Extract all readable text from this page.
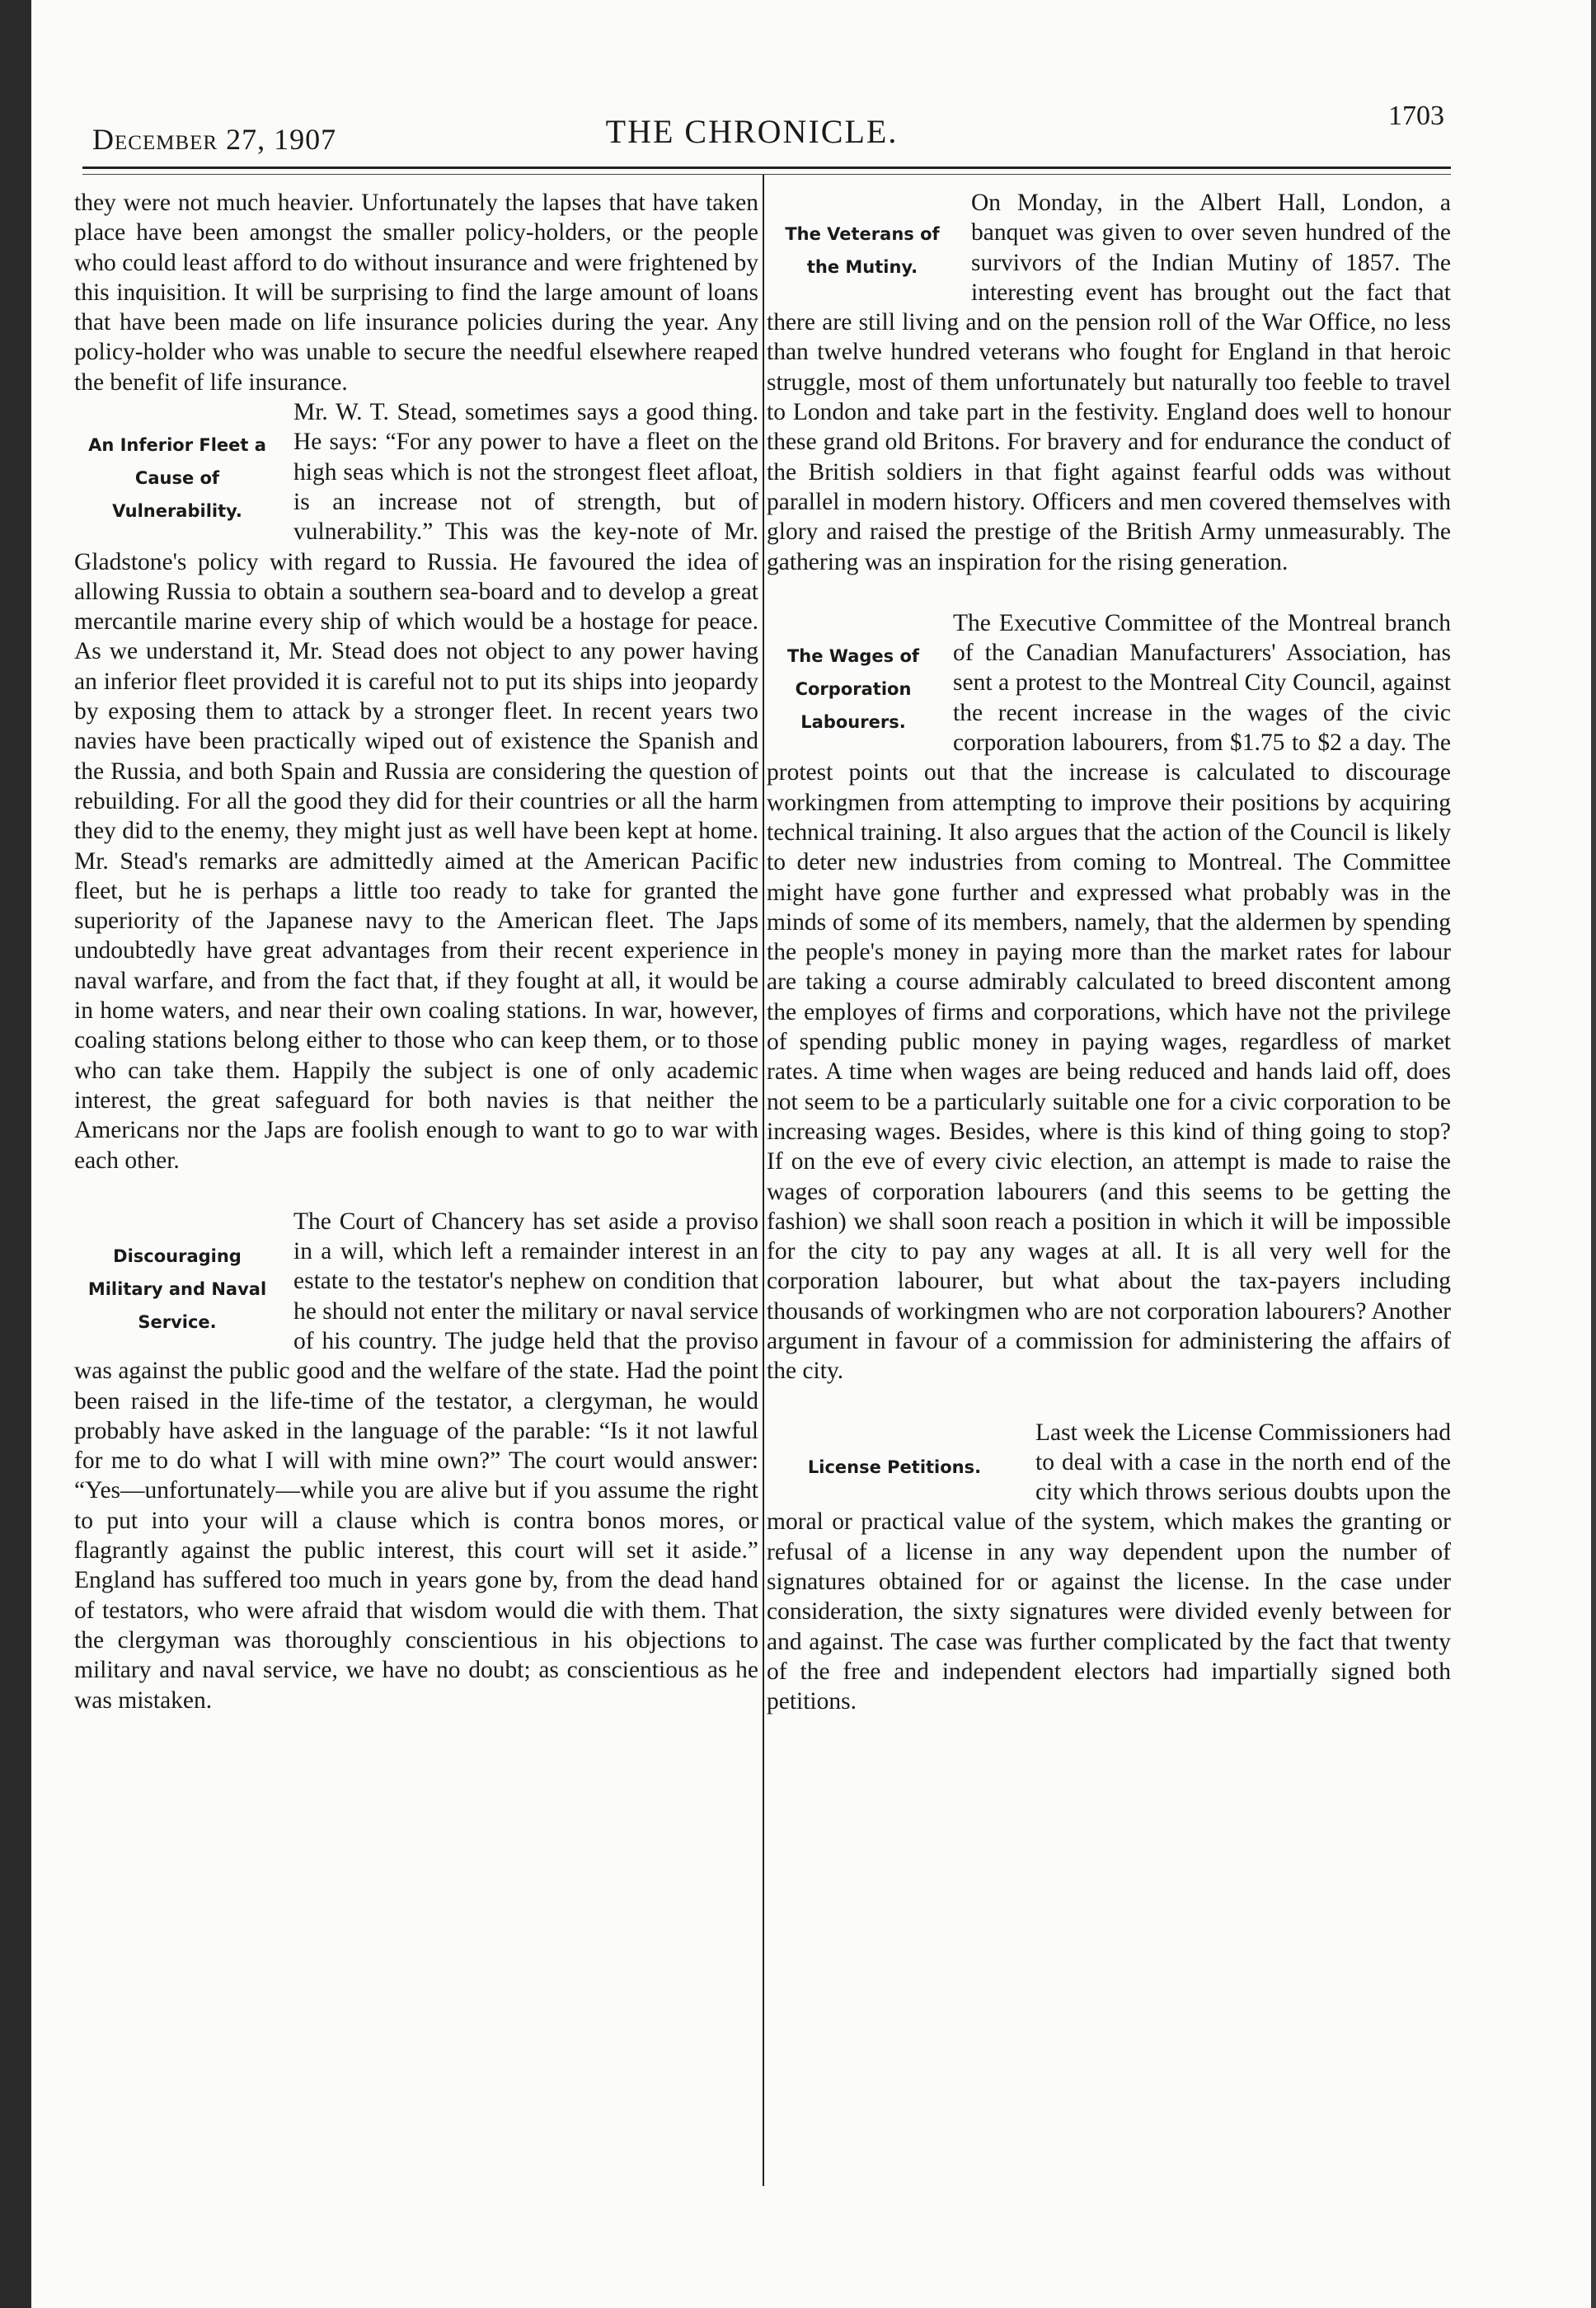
December 27, 1907	THE CHRONICLE.	1703

they were not much heavier. Unfortunately the lapses that have taken place have been amongst the smaller policy-holders, or the people who could least afford to do without insurance and were frightened by this inquisition. It will be surprising to find the large amount of loans that have been made on life insurance policies during the year. Any policy-holder who was unable to secure the needful elsewhere reaped the benefit of life insurance.

An Inferior Fleet a Cause of Vulnerability.

Mr. W. T. Stead, sometimes says a good thing. He says: “For any power to have a fleet on the high seas which is not the strongest fleet afloat, is an increase not of strength, but of vulnerability.” This was the key-note of Mr. Gladstone's policy with regard to Russia. He favoured the idea of allowing Russia to obtain a southern sea-board and to develop a great mercantile marine every ship of which would be a hostage for peace. As we understand it, Mr. Stead does not object to any power having an inferior fleet provided it is careful not to put its ships into jeopardy by exposing them to attack by a stronger fleet. In recent years two navies have been practically wiped out of existence the Spanish and the Russia, and both Spain and Russia are considering the question of rebuilding. For all the good they did for their countries or all the harm they did to the enemy, they might just as well have been kept at home. Mr. Stead's remarks are admittedly aimed at the American Pacific fleet, but he is perhaps a little too ready to take for granted the superiority of the Japanese navy to the American fleet. The Japs undoubtedly have great advantages from their recent experience in naval warfare, and from the fact that, if they fought at all, it would be in home waters, and near their own coaling stations. In war, however, coaling stations belong either to those who can keep them, or to those who can take them. Happily the subject is one of only academic interest, the great safeguard for both navies is that neither the Americans nor the Japs are foolish enough to want to go to war with each other.

Discouraging Military and Naval Service.

The Court of Chancery has set aside a proviso in a will, which left a remainder interest in an estate to the testator's nephew on condition that he should not enter the military or naval service of his country. The judge held that the proviso was against the public good and the welfare of the state. Had the point been raised in the life-time of the testator, a clergyman, he would probably have asked in the language of the parable: “Is it not lawful for me to do what I will with mine own?” The court would answer: “Yes—unfortunately—while you are alive but if you assume the right to put into your will a clause which is contra bonos mores, or flagrantly against the public interest, this court will set it aside.” England has suffered too much in years gone by, from the dead hand of testators, who were afraid that wisdom would die with them. That the clergyman was thoroughly conscientious in his objections to military and naval service, we have no doubt; as conscientious as he was mistaken.

The Veterans of the Mutiny.

On Monday, in the Albert Hall, London, a banquet was given to over seven hundred of the survivors of the Indian Mutiny of 1857. The interesting event has brought out the fact that there are still living and on the pension roll of the War Office, no less than twelve hundred veterans who fought for England in that heroic struggle, most of them unfortunately but naturally too feeble to travel to London and take part in the festivity. England does well to honour these grand old Britons. For bravery and for endurance the conduct of the British soldiers in that fight against fearful odds was without parallel in modern history. Officers and men covered themselves with glory and raised the prestige of the British Army unmeasurably. The gathering was an inspiration for the rising generation.

The Wages of Corporation Labourers.

The Executive Committee of the Montreal branch of the Canadian Manufacturers' Association, has sent a protest to the Montreal City Council, against the recent increase in the wages of the civic corporation labourers, from $1.75 to $2 a day. The protest points out that the increase is calculated to discourage workingmen from attempting to improve their positions by acquiring technical training. It also argues that the action of the Council is likely to deter new industries from coming to Montreal. The Committee might have gone further and expressed what probably was in the minds of some of its members, namely, that the aldermen by spending the people's money in paying more than the market rates for labour are taking a course admirably calculated to breed discontent among the employes of firms and corporations, which have not the privilege of spending public money in paying wages, regardless of market rates. A time when wages are being reduced and hands laid off, does not seem to be a particularly suitable one for a civic corporation to be increasing wages. Besides, where is this kind of thing going to stop? If on the eve of every civic election, an attempt is made to raise the wages of corporation labourers (and this seems to be getting the fashion) we shall soon reach a position in which it will be impossible for the city to pay any wages at all. It is all very well for the corporation labourer, but what about the tax-payers including thousands of workingmen who are not corporation labourers? Another argument in favour of a commission for administering the affairs of the city.

License Petitions.

Last week the License Commissioners had to deal with a case in the north end of the city which throws serious doubts upon the moral or practical value of the system, which makes the granting or refusal of a license in any way dependent upon the number of signatures obtained for or against the license. In the case under consideration, the sixty signatures were divided evenly between for and against. The case was further complicated by the fact that twenty of the free and independent electors had impartially signed both petitions.
